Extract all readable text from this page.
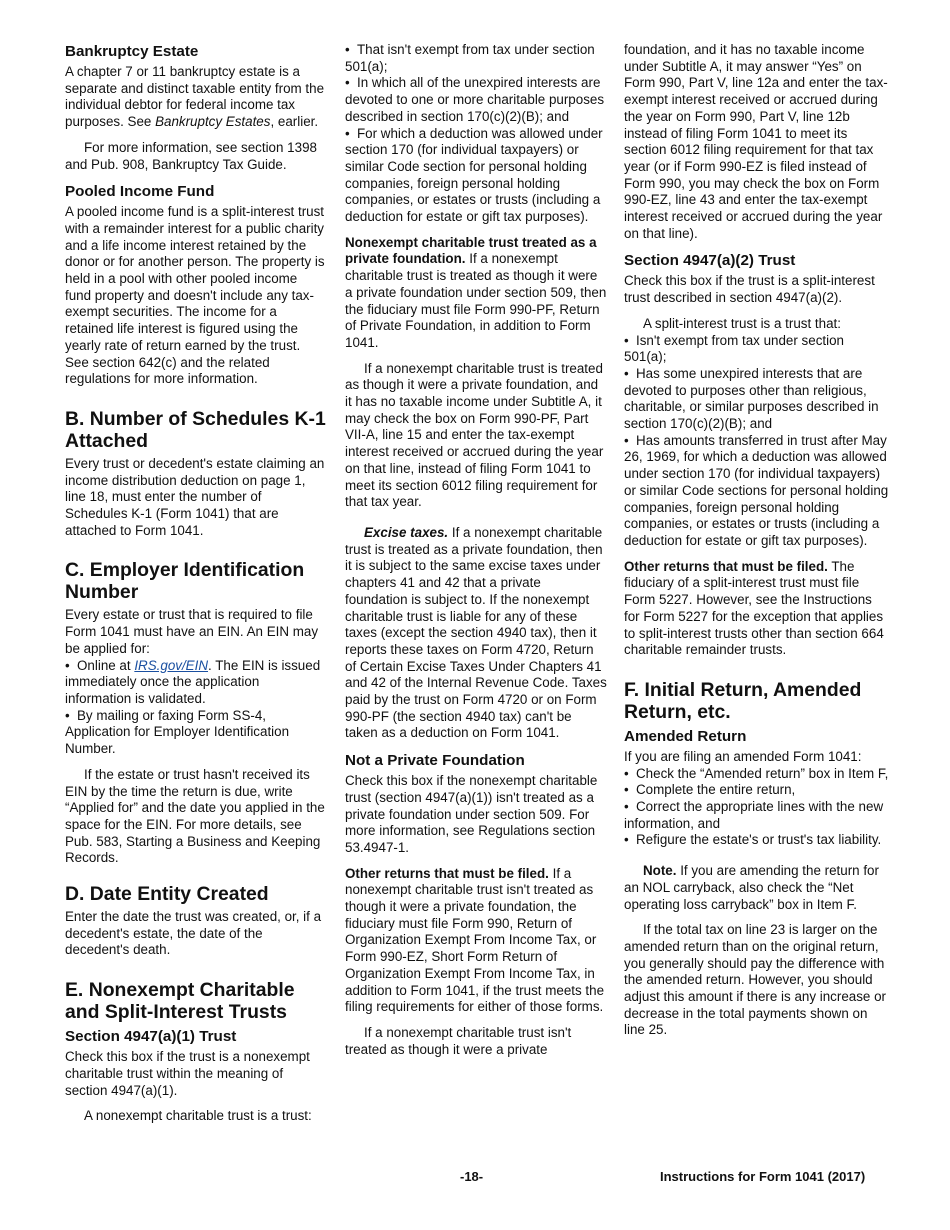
Bankruptcy Estate

A chapter 7 or 11 bankruptcy estate is a separate and distinct taxable entity from the individual debtor for federal income tax purposes. See Bankruptcy Estates, earlier.

For more information, see section 1398 and Pub. 908, Bankruptcy Tax Guide.

Pooled Income Fund

A pooled income fund is a split-interest trust with a remainder interest for a public charity and a life income interest retained by the donor or for another person. The property is held in a pool with other pooled income fund property and doesn't include any tax-exempt securities. The income for a retained life interest is figured using the yearly rate of return earned by the trust. See section 642(c) and the related regulations for more information.

B. Number of Schedules K-1 Attached

Every trust or decedent's estate claiming an income distribution deduction on page 1, line 18, must enter the number of Schedules K-1 (Form 1041) that are attached to Form 1041.

C. Employer Identification Number

Every estate or trust that is required to file Form 1041 must have an EIN. An EIN may be applied for:

• Online at IRS.gov/EIN. The EIN is issued immediately once the application information is validated.

• By mailing or faxing Form SS-4, Application for Employer Identification Number.

If the estate or trust hasn't received its EIN by the time the return is due, write “Applied for” and the date you applied in the space for the EIN. For more details, see Pub. 583, Starting a Business and Keeping Records.

D. Date Entity Created

Enter the date the trust was created, or, if a decedent's estate, the date of the decedent's death.

E. Nonexempt Charitable and Split-Interest Trusts
Section 4947(a)(1) Trust

Check this box if the trust is a nonexempt charitable trust within the meaning of section 4947(a)(1).

A nonexempt charitable trust is a trust:

• That isn't exempt from tax under section 501(a);

• In which all of the unexpired interests are devoted to one or more charitable purposes described in section 170(c)(2)(B); and

• For which a deduction was allowed under section 170 (for individual taxpayers) or similar Code section for personal holding companies, foreign personal holding companies, or estates or trusts (including a deduction for estate or gift tax purposes).

Nonexempt charitable trust treated as a private foundation. If a nonexempt charitable trust is treated as though it were a private foundation under section 509, then the fiduciary must file Form 990-PF, Return of Private Foundation, in addition to Form 1041.

If a nonexempt charitable trust is treated as though it were a private foundation, and it has no taxable income under Subtitle A, it may check the box on Form 990-PF, Part VII-A, line 15 and enter the tax-exempt interest received or accrued during the year on that line, instead of filing Form 1041 to meet its section 6012 filing requirement for that tax year.

Excise taxes. If a nonexempt charitable trust is treated as a private foundation, then it is subject to the same excise taxes under chapters 41 and 42 that a private foundation is subject to. If the nonexempt charitable trust is liable for any of these taxes (except the section 4940 tax), then it reports these taxes on Form 4720, Return of Certain Excise Taxes Under Chapters 41 and 42 of the Internal Revenue Code. Taxes paid by the trust on Form 4720 or on Form 990-PF (the section 4940 tax) can't be taken as a deduction on Form 1041.

Not a Private Foundation

Check this box if the nonexempt charitable trust (section 4947(a)(1)) isn't treated as a private foundation under section 509. For more information, see Regulations section 53.4947-1.

Other returns that must be filed. If a nonexempt charitable trust isn't treated as though it were a private foundation, the fiduciary must file Form 990, Return of Organization Exempt From Income Tax, or Form 990-EZ, Short Form Return of Organization Exempt From Income Tax, in addition to Form 1041, if the trust meets the filing requirements for either of those forms.

If a nonexempt charitable trust isn't treated as though it were a private

foundation, and it has no taxable income under Subtitle A, it may answer “Yes” on Form 990, Part V, line 12a and enter the tax-exempt interest received or accrued during the year on Form 990, Part V, line 12b instead of filing Form 1041 to meet its section 6012 filing requirement for that tax year (or if Form 990-EZ is filed instead of Form 990, you may check the box on Form 990-EZ, line 43 and enter the tax-exempt interest received or accrued during the year on that line).

Section 4947(a)(2) Trust

Check this box if the trust is a split-interest trust described in section 4947(a)(2).

A split-interest trust is a trust that:

• Isn't exempt from tax under section 501(a);

• Has some unexpired interests that are devoted to purposes other than religious, charitable, or similar purposes described in section 170(c)(2)(B); and

• Has amounts transferred in trust after May 26, 1969, for which a deduction was allowed under section 170 (for individual taxpayers) or similar Code sections for personal holding companies, foreign personal holding companies, or estates or trusts (including a deduction for estate or gift tax purposes).

Other returns that must be filed. The fiduciary of a split-interest trust must file Form 5227. However, see the Instructions for Form 5227 for the exception that applies to split-interest trusts other than section 664 charitable remainder trusts.

F. Initial Return, Amended Return, etc.
Amended Return

If you are filing an amended Form 1041:

• Check the “Amended return” box in Item F,

• Complete the entire return,

• Correct the appropriate lines with the new information, and

• Refigure the estate's or trust's tax liability.

Note. If you are amending the return for an NOL carryback, also check the “Net operating loss carryback” box in Item F.

If the total tax on line 23 is larger on the amended return than on the original return, you generally should pay the difference with the amended return. However, you should adjust this amount if there is any increase or decrease in the total payments shown on line 25.

-18-	Instructions for Form 1041 (2017)
